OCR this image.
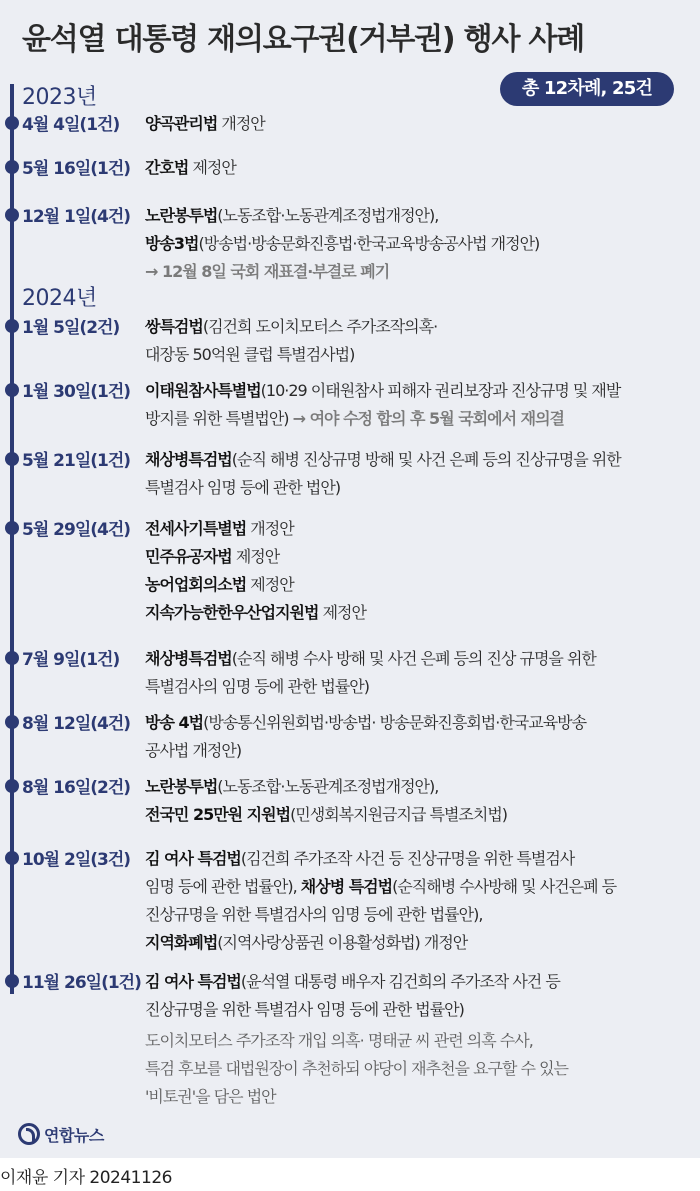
윤석열 대통령 재의요구권(거부권) 행사 사례
총 12차례, 25건
2023년
2024년
4월 4일(1건) 양곡관리법 개정안
5월 16일(1건) 간호법 제정안
12월 1일(4건) 노란봉투법(노동조합·노동관계조정법개정안),
방송3법(방송법·방송문화진흥법·한국교육방송공사법 개정안)
→ 12월 8일 국회 재표결·부결로 폐기
1월 5일(2건) 쌍특검법(김건희 도이치모터스 주가조작의혹·
대장동 50억원 클럽 특별검사법)
1월 30일(1건) 이태원참사특별법(10·29 이태원참사 피해자 권리보장과 진상규명 및 재발
방지를 위한 특별법안) → 여야 수정 합의 후 5월 국회에서 재의결
5월 21일(1건) 채상병특검법(순직 해병 진상규명 방해 및 사건 은폐 등의 진상규명을 위한
특별검사 임명 등에 관한 법안)
5월 29일(4건) 전세사기특별법 개정안
민주유공자법 제정안
농어업회의소법 제정안
지속가능한한우산업지원법 제정안
7월 9일(1건) 채상병특검법(순직 해병 수사 방해 및 사건 은폐 등의 진상 규명을 위한
특별검사의 임명 등에 관한 법률안)
8월 12일(4건) 방송 4법(방송통신위원회법·방송법· 방송문화진흥회법·한국교육방송
공사법 개정안)
8월 16일(2건) 노란봉투법(노동조합·노동관계조정법개정안),
전국민 25만원 지원법(민생회복지원금지급 특별조치법)
10월 2일(3건) 김 여사 특검법(김건희 주가조작 사건 등 진상규명을 위한 특별검사
임명 등에 관한 법률안), 채상병 특검법(순직해병 수사방해 및 사건은폐 등
진상규명을 위한 특별검사의 임명 등에 관한 법률안),
지역화폐법(지역사랑상품권 이용활성화법) 개정안
11월 26일(1건) 김 여사 특검법(윤석열 대통령 배우자 김건희의 주가조작 사건 등
진상규명을 위한 특별검사 임명 등에 관한 법률안)
도이치모터스 주가조작 개입 의혹· 명태균 씨 관련 의혹 수사,
특검 후보를 대법원장이 추천하되 야당이 재추천을 요구할 수 있는
'비토권'을 담은 법안
연합뉴스
이재윤 기자 20241126
